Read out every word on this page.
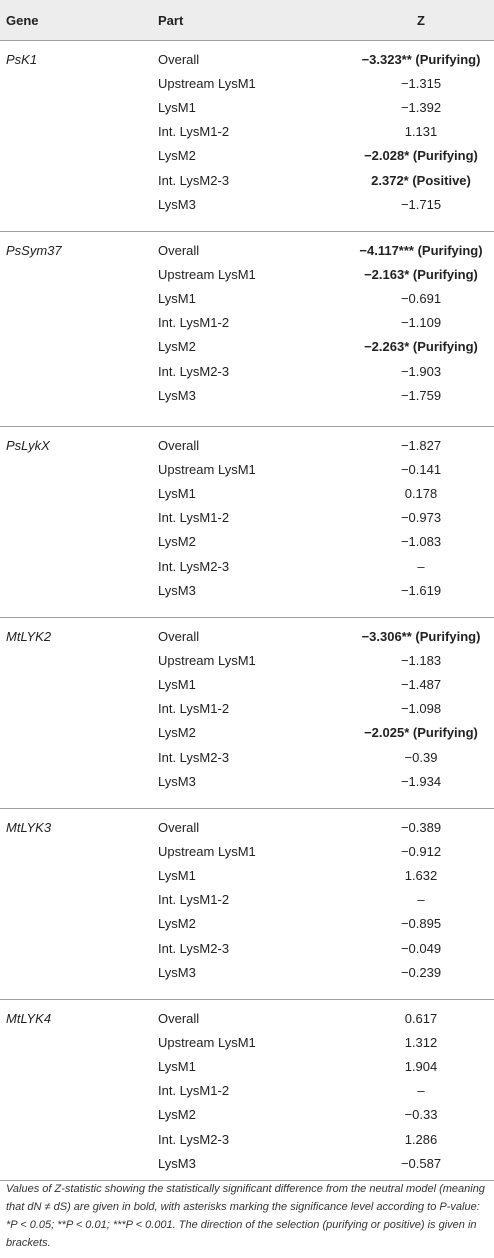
Gene	Part	Z
PsK1	Overall	−3.323** (Purifying)
Upstream LysM1	−1.315
LysM1	−1.392
Int. LysM1-2	1.131
LysM2	−2.028* (Purifying)
Int. LysM2-3	2.372* (Positive)
LysM3	−1.715
PsSym37	Overall	−4.117*** (Purifying)
Upstream LysM1	−2.163* (Purifying)
LysM1	−0.691
Int. LysM1-2	−1.109
LysM2	−2.263* (Purifying)
Int. LysM2-3	−1.903
LysM3	−1.759
PsLykX	Overall	−1.827
Upstream LysM1	−0.141
LysM1	0.178
Int. LysM1-2	−0.973
LysM2	−1.083
Int. LysM2-3	–
LysM3	−1.619
MtLYK2	Overall	−3.306** (Purifying)
Upstream LysM1	−1.183
LysM1	−1.487
Int. LysM1-2	−1.098
LysM2	−2.025* (Purifying)
Int. LysM2-3	−0.39
LysM3	−1.934
MtLYK3	Overall	−0.389
Upstream LysM1	−0.912
LysM1	1.632
Int. LysM1-2	–
LysM2	−0.895
Int. LysM2-3	−0.049
LysM3	−0.239
MtLYK4	Overall	0.617
Upstream LysM1	1.312
LysM1	1.904
Int. LysM1-2	–
LysM2	−0.33
Int. LysM2-3	1.286
LysM3	−0.587
Values of Z-statistic showing the statistically significant difference from the neutral model (meaning that dN ≠ dS) are given in bold, with asterisks marking the significance level according to P-value: *P < 0.05; **P < 0.01; ***P < 0.001. The direction of the selection (purifying or positive) is given in brackets.
